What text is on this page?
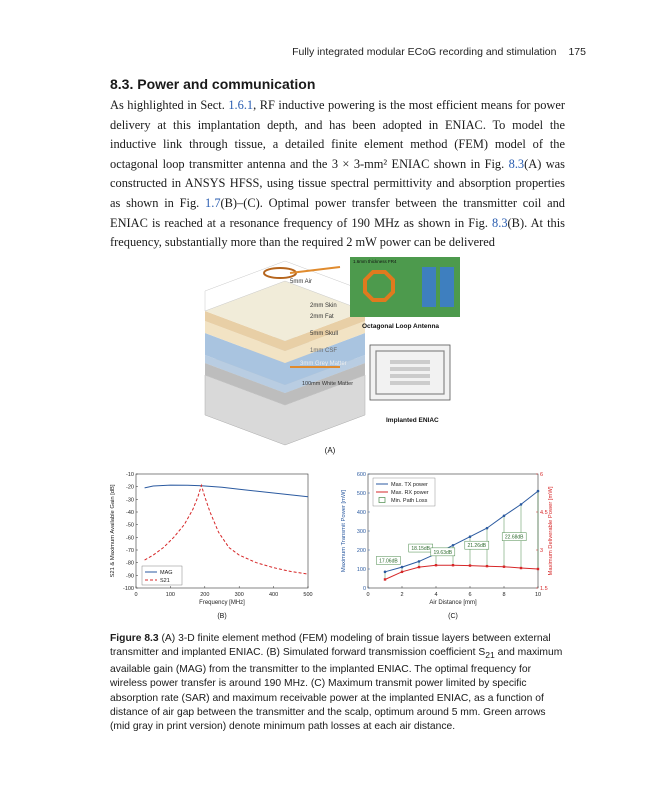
Fully integrated modular ECoG recording and stimulation 175
8.3. Power and communication
As highlighted in Sect. 1.6.1, RF inductive powering is the most efficient means for power delivery at this implantation depth, and has been adopted in ENIAC. To model the inductive link through tissue, a detailed finite element method (FEM) model of the octagonal loop transmitter antenna and the 3 × 3-mm² ENIAC shown in Fig. 8.3(A) was constructed in ANSYS HFSS, using tissue spectral permittivity and absorption properties as shown in Fig. 1.7(B)–(C). Optimal power transfer between the transmitter coil and ENIAC is reached at a resonance frequency of 190 MHz as shown in Fig. 8.3(B). At this frequency, substantially more than the required 2 mW power can be delivered
5mm Air
2mm Skin
2mm Fat
5mm Skull
1mm CSF
3mm Grey Matter
100mm White Matter
1.6mm thickness FR4
Octagonal Loop Antenna
Implanted ENIAC
(A)
0	100	200	300	400	500
-100
-90
-80
-70
-60
-50
-40
-30
-20
-10
Frequency [MHz]
S21 & Maximum Available Gain [dB]	MAG
S21
(B)
0	2	4	6	8	10
0
100
200
300
400
500
600
1.5
3
4.5
6
Air Distance [mm]
Maximum Transmit Power [mW]	Maximum Deliverable Power [mW]
17.06dB
18.15dB
19.63dB
21.26dB
22.68dB
Max. TX power
Max. RX power
Min. Path Loss
(C)
Figure 8.3 (A) 3-D finite element method (FEM) modeling of brain tissue layers between external transmitter and implanted ENIAC. (B) Simulated forward transmission coefficient $S_{21}$ and maximum available gain (MAG) from the transmitter to the implanted ENIAC. The optimal frequency for wireless power transfer is around 190 MHz. (C) Maximum transmit power limited by specific absorption rate (SAR) and maximum receivable power at the implanted ENIAC, as a function of distance of air gap between the transmitter and the scalp, optimum around 5 mm. Green arrows (mid gray in print version) denote minimum path losses at each air distance.
